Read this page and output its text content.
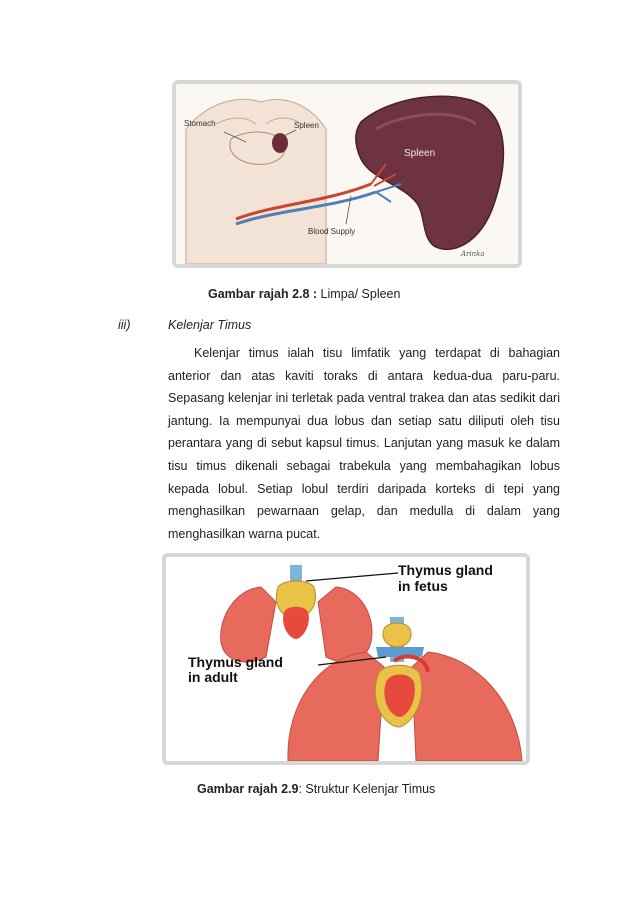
Stomach	Spleen
Spleen
Blood Supply
Arinka
Gambar rajah 2.8 : Limpa/ Spleen
iii)	Kelenjar Timus
Kelenjar timus ialah tisu limfatik yang terdapat di bahagian anterior dan atas kaviti toraks di antara kedua-dua paru-paru. Sepasang kelenjar ini terletak pada ventral trakea dan atas sedikit dari jantung. Ia mempunyai dua lobus dan setiap satu diliputi oleh tisu perantara yang di sebut kapsul timus. Lanjutan yang masuk ke dalam tisu timus dikenali sebagai trabekula yang membahagikan lobus kepada lobul. Setiap lobul terdiri daripada korteks di tepi yang menghasilkan pewarnaan gelap, dan medulla di dalam yang menghasilkan warna pucat.
Thymus gland
in fetus
Thymus gland
in adult
Gambar rajah 2.9: Struktur Kelenjar Timus
